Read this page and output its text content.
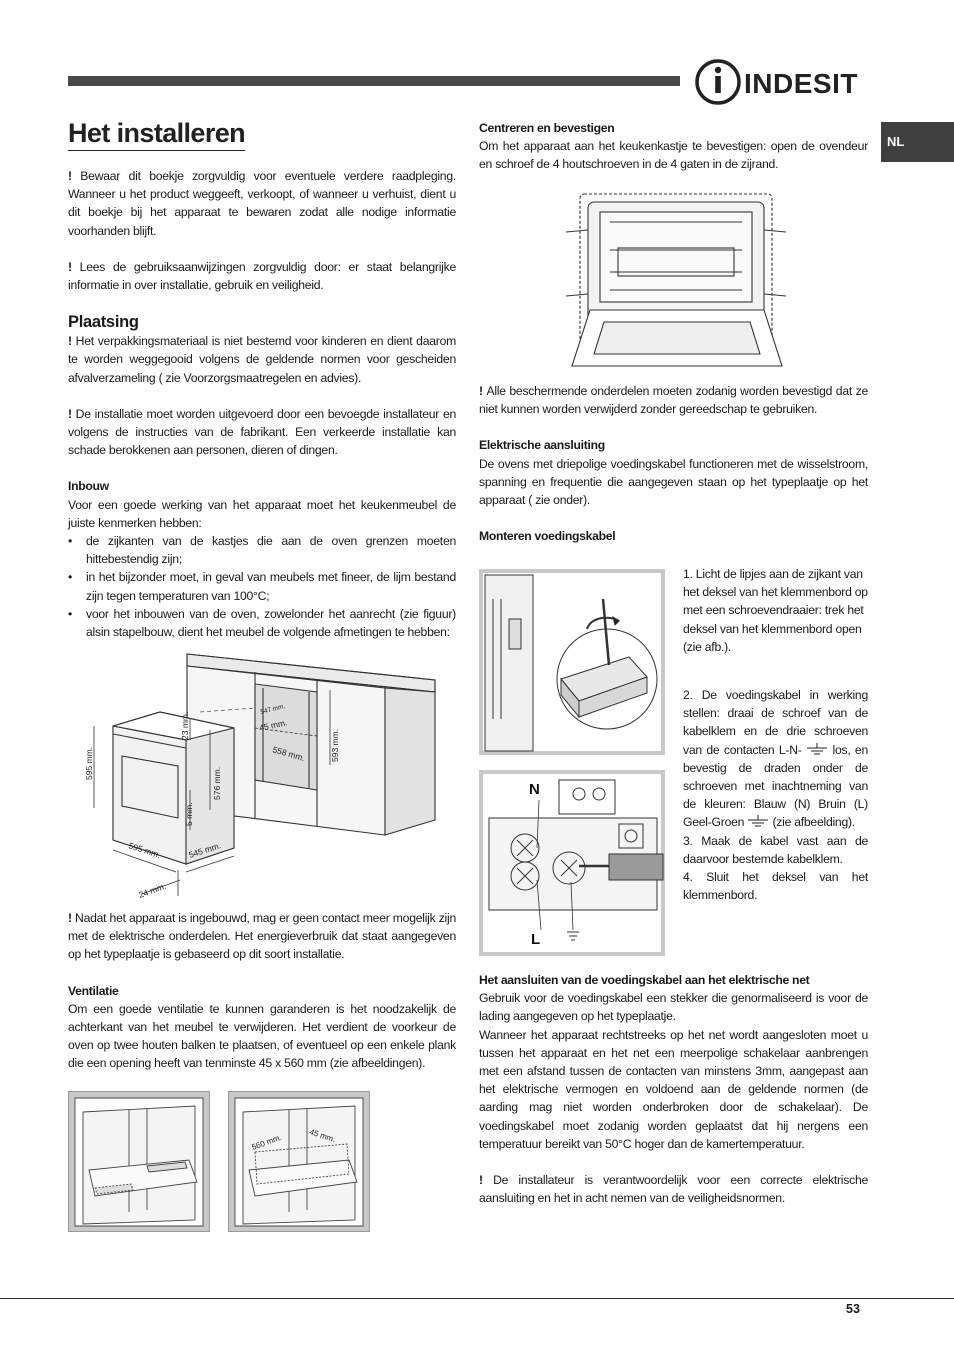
INDESIT
NL
Het installeren

! Bewaar dit boekje zorgvuldig voor eventuele verdere raadpleging. Wanneer u het product weggeeft, verkoopt, of wanneer u verhuist, dient u dit boekje bij het apparaat te bewaren zodat alle nodige informatie voorhanden blijft.

! Lees de gebruiksaanwijzingen zorgvuldig door: er staat belangrijke informatie in over installatie, gebruik en veiligheid.

Plaatsing

! Het verpakkingsmateriaal is niet bestemd voor kinderen en dient daarom te worden weggegooid volgens de geldende normen voor gescheiden afvalverzameling ( zie Voorzorgsmaatregelen en advies).

! De installatie moet worden uitgevoerd door een bevoegde installateur en volgens de instructies van de fabrikant. Een verkeerde installatie kan schade berokkenen aan personen, dieren of dingen.

Inbouw

Voor een goede werking van het apparaat moet het keukenmeubel de juiste kenmerken hebben:

• de zijkanten van de kastjes die aan de oven grenzen moeten hittebestendig zijn;
• in het bijzonder moet, in geval van meubels met fineer, de lijm bestand zijn tegen temperaturen van 100°C;
• voor het inbouwen van de oven, zowelonder het aanrecht (zie figuur) alsin stapelbouw, dient het meubel de volgende afmetingen te hebben:
595 mm.
576 mm.
23 mm.
5 mm.
593 mm.
547 mm.
45 mm.
558 mm.
595 mm.	545 mm.
24 mm.

! Nadat het apparaat is ingebouwd, mag er geen contact meer mogelijk zijn met de elektrische onderdelen. Het energieverbruik dat staat aangegeven op het typeplaatje is gebaseerd op dit soort installatie.

Ventilatie

Om een goede ventilatie te kunnen garanderen is het noodzakelijk de achterkant van het meubel te verwijderen. Het verdient de voorkeur de oven op twee houten balken te plaatsen, of eventueel op een enkele plank die een opening heeft van tenminste 45 x 560 mm (zie afbeeldingen).

560 mm.	45 mm.
Centreren en bevestigen

Om het apparaat aan het keukenkastje te bevestigen: open de ovendeur en schroef de 4 houtschroeven in de 4 gaten in de zijrand.

! Alle beschermende onderdelen moeten zodanig worden bevestigd dat ze niet kunnen worden verwijderd zonder gereedschap te gebruiken.

Elektrische aansluiting

De ovens met driepolige voedingskabel functioneren met de wisselstroom, spanning en frequentie die aangegeven staan op het typeplaatje op het apparaat ( zie onder).

Monteren voedingskabel
N
L

1. Licht de lipjes aan de zijkant van het deksel van het klemmenbord op met een schroevendraaier: trek het deksel van het klemmenbord open (zie afb.).

2. De voedingskabel in werking stellen: draai de schroef van de kabelklem en de drie schroeven van de contacten L-N-	los, en bevestig de draden onder de schroeven met inachtneming van de kleuren: Blauw (N) Bruin (L) Geel-Groen (zie afbeelding).

3. Maak de kabel vast aan de daarvoor bestemde kabelklem.

4. Sluit het deksel van het klemmenbord.

Het aansluiten van de voedingskabel aan het elektrische net

Gebruik voor de voedingskabel een stekker die genormaliseerd is voor de lading aangegeven op het typeplaatje.

Wanneer het apparaat rechtstreeks op het net wordt aangesloten moet u tussen het apparaat en het net een meerpolige schakelaar aanbrengen met een afstand tussen de contacten van minstens 3mm, aangepast aan het elektrische vermogen en voldoend aan de geldende normen (de aarding mag niet worden onderbroken door de schakelaar). De voedingskabel moet zodanig worden geplaatst dat hij nergens een temperatuur bereikt van 50°C hoger dan de kamertemperatuur.

! De installateur is verantwoordelijk voor een correcte elektrische aansluiting en het in acht nemen van de veiligheidsnormen.

53
